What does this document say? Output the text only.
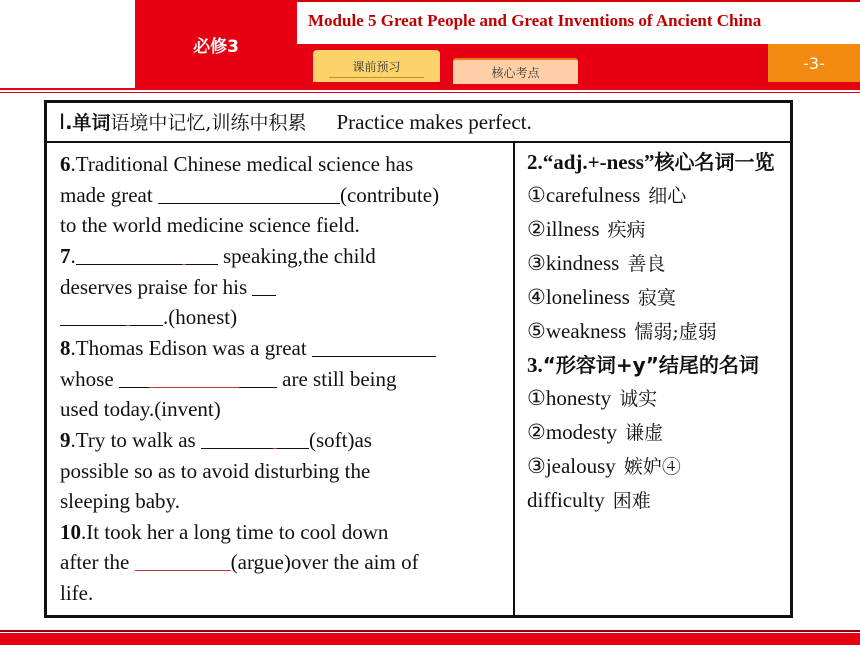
必修3
Module 5 Great People and Great Inventions of Ancient China
课前预习	核心考点	-3-
Ⅰ.单词语境中记忆,训练中积累 Practice makes perfect.

6.Traditional Chinese medical science has
made great	(contribute)
to the world medicine science field.

7.	speaking,the child
deserves praise for his

.(honest)

8.Thomas Edison was a great
whose	are still being
used today.(invent)

9.Try to walk as	(soft)as
possible so as to avoid disturbing the
sleeping baby.

10.It took her a long time to cool down
after the	(argue)over the aim of
life.

2.“adj.+-ness”核心名词一览
①carefulness 细心
②illness 疾病
③kindness 善良
④loneliness 寂寞
⑤weakness 懦弱;虚弱
3.“形容词+y”结尾的名词
①honesty 诚实
②modesty 谦虚
③jealousy 嫉妒④
difficulty 困难
